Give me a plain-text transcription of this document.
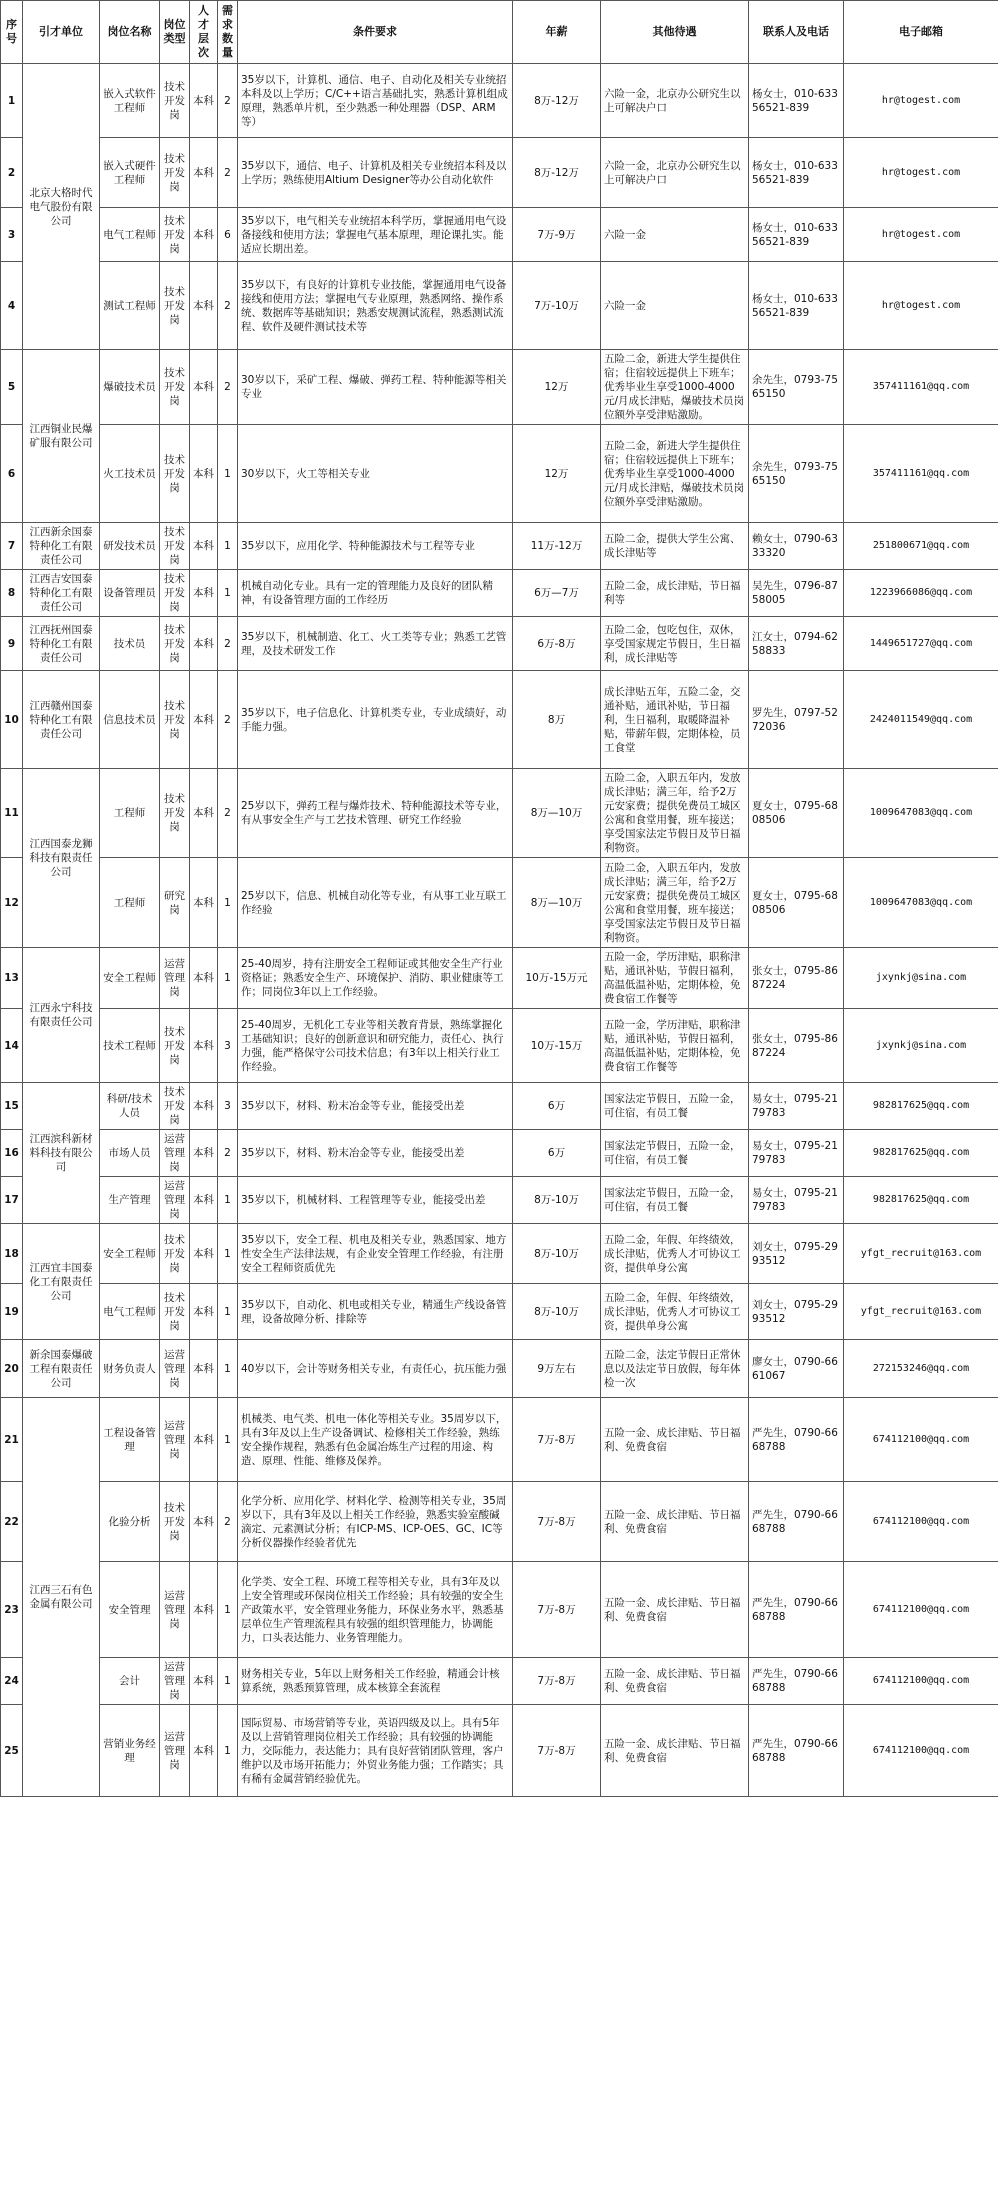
序号	引才单位	岗位名称	岗位类型	人才层次	需求数量	条件要求	年薪	其他待遇	联系人及电话	电子邮箱
1	北京大格时代电气股份有限公司	嵌入式软件工程师	技术开发岗	本科	2	35岁以下，计算机、通信、电子、自动化及相关专业统招本科及以上学历；C/C++语言基础扎实，熟悉计算机组成原理，熟悉单片机，至少熟悉一种处理器（DSP、ARM等）	8万-12万	六险一金，北京办公研究生以上可解决户口	杨女士，010-63356521-839	hr@togest.com
2		嵌入式硬件工程师	技术开发岗	本科	2	35岁以下，通信、电子、计算机及相关专业统招本科及以上学历；熟练使用Altium Designer等办公自动化软件	8万-12万	六险一金，北京办公研究生以上可解决户口	杨女士，010-63356521-839	hr@togest.com
3		电气工程师	技术开发岗	本科	6	35岁以下，电气相关专业统招本科学历，掌握通用电气设备接线和使用方法；掌握电气基本原理，理论课扎实。能适应长期出差。	7万-9万	六险一金	杨女士，010-63356521-839	hr@togest.com
4		测试工程师	技术开发岗	本科	2	35岁以下，有良好的计算机专业技能，掌握通用电气设备接线和使用方法；掌握电气专业原理，熟悉网络、操作系统、数据库等基础知识；熟悉安规测试流程，熟悉测试流程、软件及硬件测试技术等	7万-10万	六险一金	杨女士，010-63356521-839	hr@togest.com
5	江西铜业民爆矿服有限公司	爆破技术员	技术开发岗	本科	2	30岁以下，采矿工程、爆破、弹药工程、特种能源等相关专业	12万	五险二金，新进大学生提供住宿；住宿较远提供上下班车；优秀毕业生享受1000-4000元/月成长津贴，爆破技术员岗位额外享受津贴激励。	余先生，0793-7565150	357411161@qq.com
6		火工技术员	技术开发岗	本科	1	30岁以下，火工等相关专业	12万	五险二金，新进大学生提供住宿；住宿较远提供上下班车；优秀毕业生享受1000-4000元/月成长津贴，爆破技术员岗位额外享受津贴激励。	余先生，0793-7565150	357411161@qq.com
7	江西新余国泰特种化工有限责任公司	研发技术员	技术开发岗	本科	1	35岁以下，应用化学、特种能源技术与工程等专业	11万-12万	五险二金，提供大学生公寓、成长津贴等	赖女士，0790-6333320	251800671@qq.com
8	江西吉安国泰特种化工有限责任公司	设备管理员	技术开发岗	本科	1	机械自动化专业。具有一定的管理能力及良好的团队精神，有设备管理方面的工作经历	6万—7万	五险二金，成长津贴，节日福利等	吴先生，0796-8758005	1223966086@qq.com
9	江西抚州国泰特种化工有限责任公司	技术员	技术开发岗	本科	2	35岁以下，机械制造、化工、火工类等专业；熟悉工艺管理，及技术研发工作	6万-8万	五险二金，包吃包住，双休，享受国家规定节假日，生日福利，成长津贴等	江女士，0794-6258833	1449651727@qq.com
10	江西赣州国泰特种化工有限责任公司	信息技术员	技术开发岗	本科	2	35岁以下，电子信息化、计算机类专业，专业成绩好，动手能力强。	8万	成长津贴五年，五险二金，交通补贴，通讯补贴，节日福利，生日福利，取暖降温补贴，带薪年假，定期体检，员工食堂	罗先生，0797-5272036	2424011549@qq.com
11	江西国泰龙狮科技有限责任公司	工程师	技术开发岗	本科	2	25岁以下，弹药工程与爆炸技术、特种能源技术等专业，有从事安全生产与工艺技术管理、研究工作经验	8万—10万	五险二金，入职五年内，发放成长津贴；满三年，给予2万元安家费；提供免费员工城区公寓和食堂用餐，班车接送；享受国家法定节假日及节日福利物资。	夏女士，0795-6808506	1009647083@qq.com
12		工程师	研究岗	本科	1	25岁以下，信息、机械自动化等专业，有从事工业互联工作经验	8万—10万	五险二金，入职五年内，发放成长津贴；满三年，给予2万元安家费；提供免费员工城区公寓和食堂用餐，班车接送；享受国家法定节假日及节日福利物资。	夏女士，0795-6808506	1009647083@qq.com
13	江西永宁科技有限责任公司	安全工程师	运营管理岗	本科	1	25-40周岁，持有注册安全工程师证或其他安全生产行业资格证；熟悉安全生产、环境保护、消防、职业健康等工作；同岗位3年以上工作经验。	10万-15万元	五险一金，学历津贴，职称津贴，通讯补贴，节假日福利，高温低温补贴，定期体检，免费食宿工作餐等	张女士，0795-8687224	jxynkj@sina.com
14		技术工程师	技术开发岗	本科	3	25-40周岁，无机化工专业等相关教育背景，熟练掌握化工基础知识；良好的创新意识和研究能力，责任心、执行力强，能严格保守公司技术信息；有3年以上相关行业工作经验。	10万-15万	五险一金，学历津贴，职称津贴，通讯补贴，节假日福利，高温低温补贴，定期体检，免费食宿工作餐等	张女士，0795-8687224	jxynkj@sina.com
15	江西滨科新材料科技有限公司	科研/技术人员	技术开发岗	本科	3	35岁以下，材料、粉末冶金等专业，能接受出差	6万	国家法定节假日，五险一金，可住宿，有员工餐	易女士，0795-2179783	982817625@qq.com
16		市场人员	运营管理岗	本科	2	35岁以下，材料、粉末冶金等专业，能接受出差	6万	国家法定节假日，五险一金，可住宿，有员工餐	易女士，0795-2179783	982817625@qq.com
17		生产管理	运营管理岗	本科	1	35岁以下，机械材料、工程管理等专业，能接受出差	8万-10万	国家法定节假日，五险一金，可住宿，有员工餐	易女士，0795-2179783	982817625@qq.com
18	江西宜丰国泰化工有限责任公司	安全工程师	技术开发岗	本科	1	35岁以下，安全工程、机电及相关专业，熟悉国家、地方性安全生产法律法规，有企业安全管理工作经验，有注册安全工程师资质优先	8万-10万	五险二金，年假、年终绩效，成长津贴，优秀人才可协议工资，提供单身公寓	刘女士，0795-2993512	yfgt_recruit@163.com
19		电气工程师	技术开发岗	本科	1	35岁以下，自动化、机电或相关专业，精通生产线设备管理，设备故障分析、排除等	8万-10万	五险二金，年假、年终绩效，成长津贴，优秀人才可协议工资，提供单身公寓	刘女士，0795-2993512	yfgt_recruit@163.com
20	新余国泰爆破工程有限责任公司	财务负责人	运营管理岗	本科	1	40岁以下，会计等财务相关专业，有责任心，抗压能力强	9万左右	五险二金，法定节假日正常休息以及法定节日放假，每年体检一次	廖女士，0790-6661067	272153246@qq.com
21	江西三石有色金属有限公司	工程设备管理	运营管理岗	本科	1	机械类、电气类、机电一体化等相关专业。35周岁以下，具有3年及以上生产设备调试、检修相关工作经验，熟练安全操作规程，熟悉有色金属冶炼生产过程的用途、构造、原理、性能、维修及保养。	7万-8万	五险一金、成长津贴、节日福利、免费食宿	严先生，0790-6668788	674112100@qq.com
22		化验分析	技术开发岗	本科	2	化学分析、应用化学、材料化学、检测等相关专业，35周岁以下，具有3年及以上相关工作经验，熟悉实验室酸碱滴定、元素测试分析；有ICP-MS、ICP-OES、GC、IC等分析仪器操作经验者优先	7万-8万	五险一金、成长津贴、节日福利、免费食宿	严先生，0790-6668788	674112100@qq.com
23		安全管理	运营管理岗	本科	1	化学类、安全工程、环境工程等相关专业，具有3年及以上安全管理或环保岗位相关工作经验；具有较强的安全生产政策水平，安全管理业务能力，环保业务水平，熟悉基层单位生产管理流程具有较强的组织管理能力，协调能力，口头表达能力、业务管理能力。	7万-8万	五险一金、成长津贴、节日福利、免费食宿	严先生，0790-6668788	674112100@qq.com
24		会计	运营管理岗	本科	1	财务相关专业，5年以上财务相关工作经验，精通会计核算系统，熟悉预算管理，成本核算全套流程	7万-8万	五险一金、成长津贴、节日福利、免费食宿	严先生，0790-6668788	674112100@qq.com
25		营销业务经理	运营管理岗	本科	1	国际贸易、市场营销等专业，英语四级及以上。具有5年及以上营销管理岗位相关工作经验；具有较强的协调能力，交际能力，表达能力；具有良好营销团队管理，客户维护以及市场开拓能力；外贸业务能力强；工作踏实；具有稀有金属营销经验优先。	7万-8万	五险一金、成长津贴、节日福利、免费食宿	严先生，0790-6668788	674112100@qq.com
